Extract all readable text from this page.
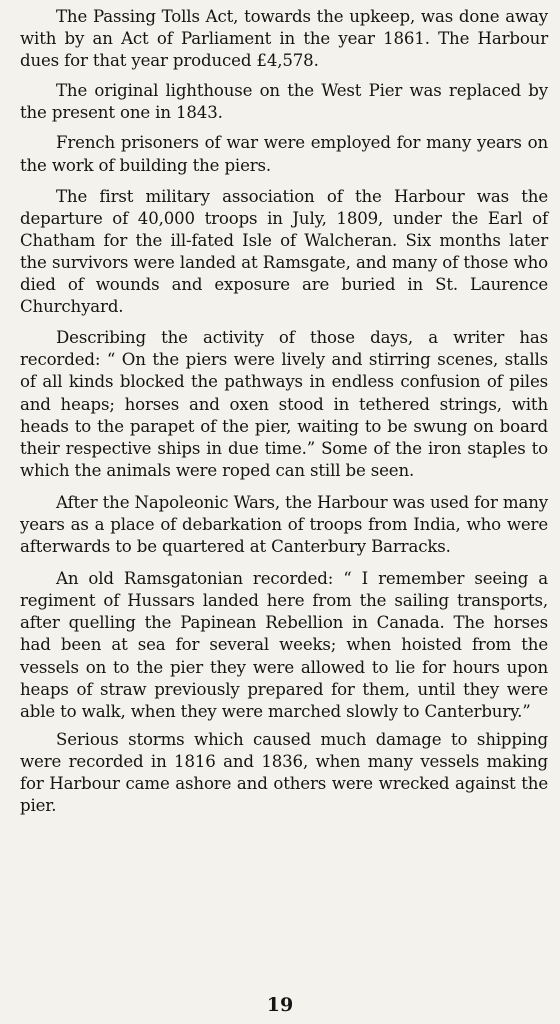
The Passing Tolls Act, towards the upkeep, was done away with by an Act of Parliament in the year 1861. The Harbour dues for that year produced £4,578.

The original lighthouse on the West Pier was replaced by the present one in 1843.

French prisoners of war were employed for many years on the work of building the piers.

The first military association of the Harbour was the departure of 40,000 troops in July, 1809, under the Earl of Chatham for the ill-fated Isle of Walcheran. Six months later the survivors were landed at Ramsgate, and many of those who died of wounds and exposure are buried in St. Laurence Churchyard.

Describing the activity of those days, a writer has recorded: “ On the piers were lively and stirring scenes, stalls of all kinds blocked the pathways in endless confusion of piles and heaps; horses and oxen stood in tethered strings, with heads to the parapet of the pier, waiting to be swung on board their respective ships in due time.” Some of the iron staples to which the animals were roped can still be seen.

After the Napoleonic Wars, the Harbour was used for many years as a place of debarkation of troops from India, who were afterwards to be quartered at Canterbury Barracks.

An old Ramsgatonian recorded: “ I remember seeing a regiment of Hussars landed here from the sailing transports, after quelling the Papinean Rebellion in Canada. The horses had been at sea for several weeks; when hoisted from the vessels on to the pier they were allowed to lie for hours upon heaps of straw previously prepared for them, until they were able to walk, when they were marched slowly to Canterbury.”

Serious storms which caused much damage to shipping were recorded in 1816 and 1836, when many vessels making for Harbour came ashore and others were wrecked against the pier.

19
